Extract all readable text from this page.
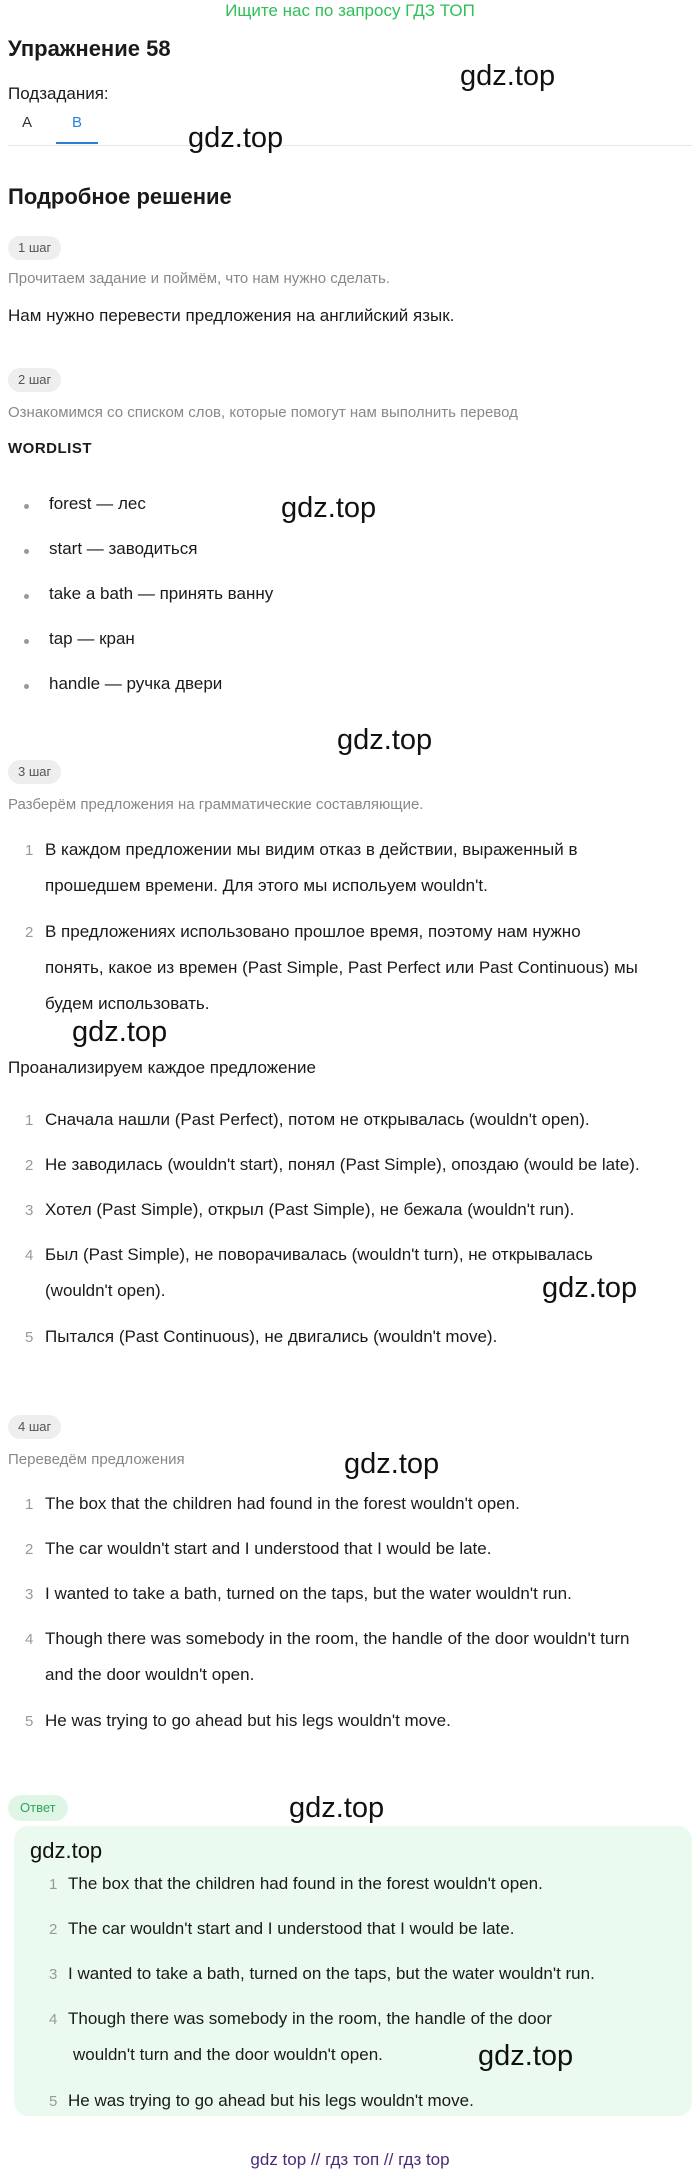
Ищите нас по запросу ГДЗ ТОП
Упражнение 58
Подзадания:
A	B
Подробное решение
1 шаг
Прочитаем задание и поймём, что нам нужно сделать.
Нам нужно перевести предложения на английский язык.
2 шаг
Ознакомимся со списком слов, которые помогут нам выполнить перевод
WORDLIST
forest — лес
start — заводиться
take a bath — принять ванну
tap — кран
handle — ручка двери
3 шаг
Разберём предложения на грамматические составляющие.
1 В каждом предложении мы видим отказ в действии, выраженный в
прошедшем времени. Для этого мы испольуем wouldn't.
2 В предложениях использовано прошлое время, поэтому нам нужно
понять, какое из времен (Past Simple, Past Perfect или Past Continuous) мы
будем использовать.
Проанализируем каждое предложение
1 Сначала нашли (Past Perfect), потом не открывалась (wouldn't open).
2 Не заводилась (wouldn't start), понял (Past Simple), опоздаю (would be late).
3 Хотел (Past Simple), открыл (Past Simple), не бежала (wouldn't run).
4 Был (Past Simple), не поворачивалась (wouldn't turn), не открывалась
(wouldn't open).
5 Пытался (Past Continuous), не двигались (wouldn't move).
4 шаг
Переведём предложения
1 The box that the children had found in the forest wouldn't open.
2 The car wouldn't start and I understood that I would be late.
3 I wanted to take a bath, turned on the taps, but the water wouldn't run.
4 Though there was somebody in the room, the handle of the door wouldn't turn
and the door wouldn't open.
5 He was trying to go ahead but his legs wouldn't move.
Ответ
1 The box that the children had found in the forest wouldn't open.
2 The car wouldn't start and I understood that I would be late.
3 I wanted to take a bath, turned on the taps, but the water wouldn't run.
4 Though there was somebody in the room, the handle of the door
wouldn't turn and the door wouldn't open.
5 He was trying to go ahead but his legs wouldn't move.
gdz.top
gdz.top
gdz.top
gdz.top
gdz.top
gdz.top
gdz.top
gdz.top
gdz.top
gdz.top
gdz top // гдз топ // гдз top
